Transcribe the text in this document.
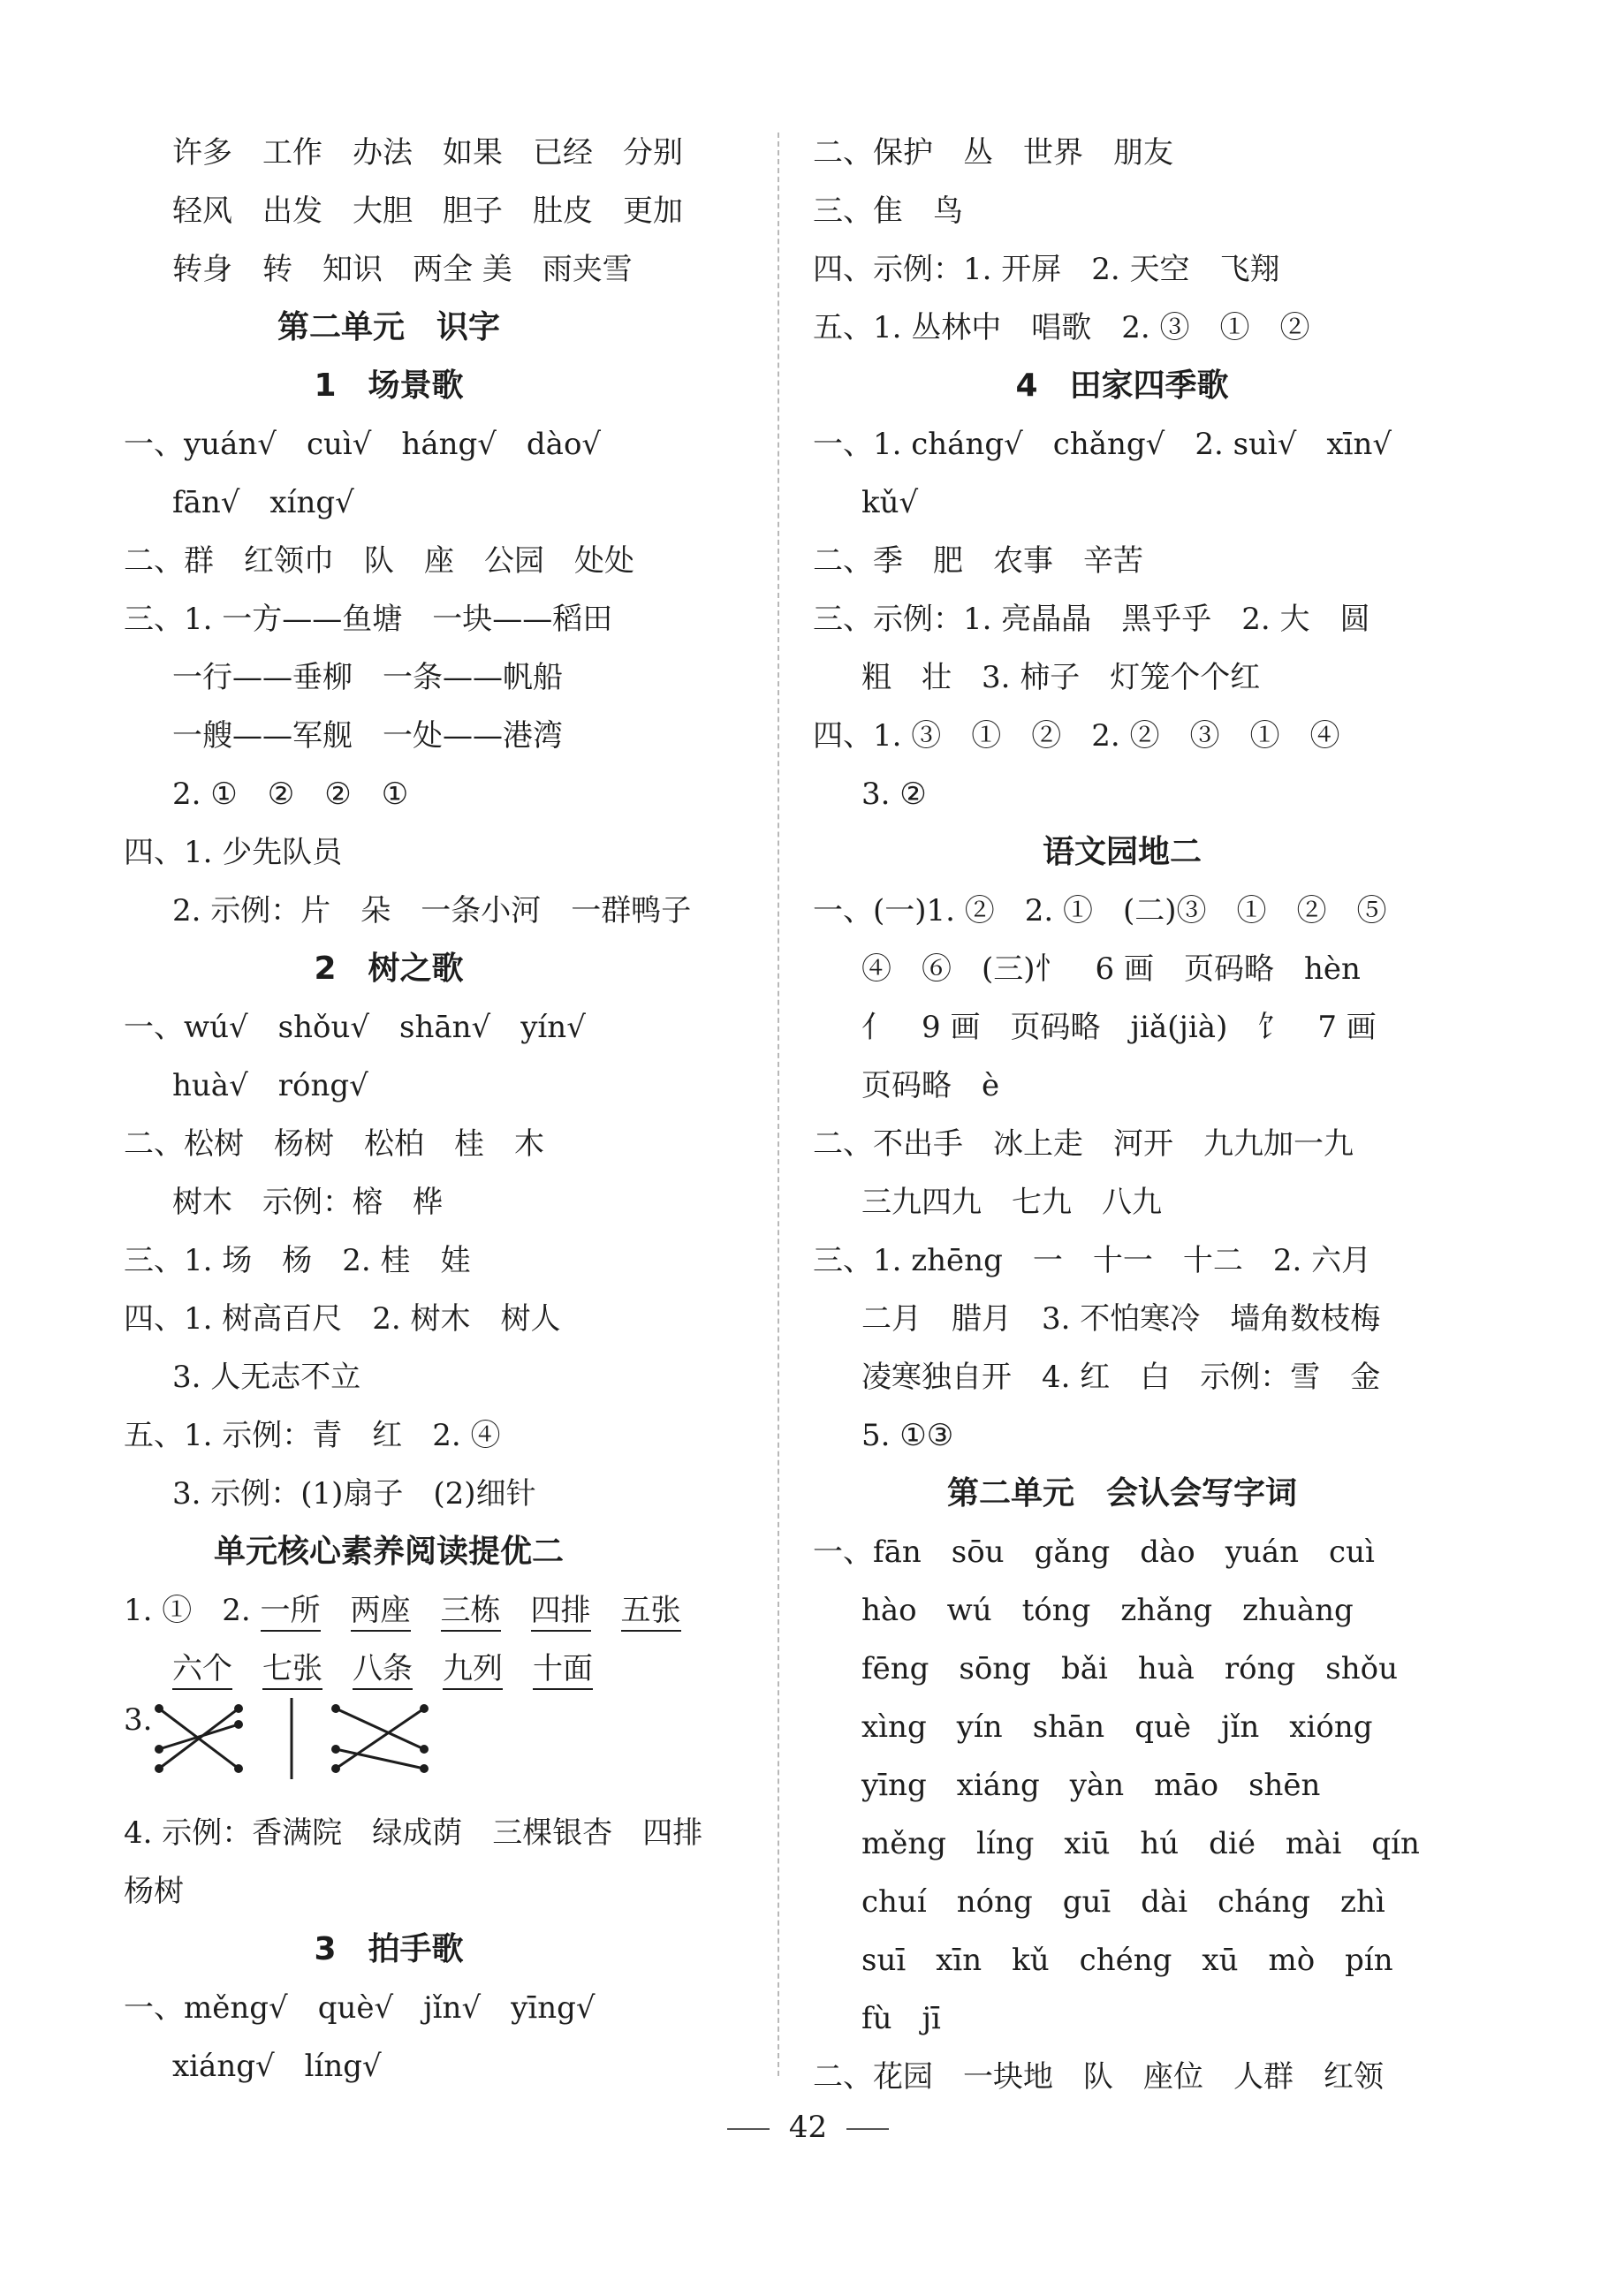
许多　工作　办法　如果　已经　分别
轻风　出发　大胆　胆子　肚皮　更加
转身　转　知识　两全 美　雨夹雪
第二单元　识字
1　场景歌
一、yuán√　cuì√　háng√　dào√
fān√　xíng√
二、群　红领巾　队　座　公园　处处
三、1. 一方——鱼塘　一块——稻田
一行——垂柳　一条——帆船
一艘——军舰　一处——港湾
2. ①　②　②　①
四、1. 少先队员
2. 示例：片　朵　一条小河　一群鸭子
2　树之歌
一、wú√　shǒu√　shān√　yín√
huà√　róng√
二、松树　杨树　松柏　桂　木
树木　示例：榕　桦
三、1. 场　杨　2. 桂　娃
四、1. 树高百尺　2. 树木　树人
3. 人无志不立
五、1. 示例：青　红　2. ④
3. 示例：(1)扇子　(2)细针
单元核心素养阅读提优二
1. ①　2. 一所　 两座　 三栋　 四排　 五张
六个　 七张　 八条　 九列　 十面
3.
4. 示例：香满院　绿成荫　三棵银杏　四排
杨树
3　拍手歌
一、měng√　què√　jǐn√　yīng√
xiáng√　líng√
二、保护　丛　世界　朋友
三、隹　鸟
四、示例：1. 开屏　2. 天空　飞翔
五、1. 丛林中　唱歌　2. ③　①　②
4　田家四季歌
一、1. cháng√　chǎng√　2. suì√　xīn√
kǔ√
二、季　肥　农事　辛苦
三、示例：1. 亮晶晶　黑乎乎　2. 大　圆
粗　壮　3. 柿子　灯笼个个红
四、1. ③　①　②　2. ②　③　①　④
3. ②
语文园地二
一、(一)1. ②　2. ①　(二)③　①　②　⑤
④　⑥　(三)忄　6 画　页码略　hèn
亻　9 画　页码略　jiǎ(jià)　饣　7 画
页码略　è
二、不出手　冰上走　河开　九九加一九
三九四九　七九　八九
三、1. zhēng　一　十一　十二　2. 六月
二月　腊月　3. 不怕寒冷　墙角数枝梅
凌寒独自开　4. 红　白　示例：雪　金
5. ①③
第二单元　会认会写字词
一、fān　sōu　gǎng　dào　yuán　cuì
hào　wú　tóng　zhǎng　zhuàng
fēng　sōng　bǎi　huà　róng　shǒu
xìng　yín　shān　què　jǐn　xióng
yīng　xiáng　yàn　māo　shēn
měng　líng　xiū　hú　dié　mài　qín
chuí　nóng　guī　dài　cháng　zhì
suī　xīn　kǔ　chéng　xū　mò　pín
fù　jī
二、花园　一块地　队　座位　人群　红领
42
